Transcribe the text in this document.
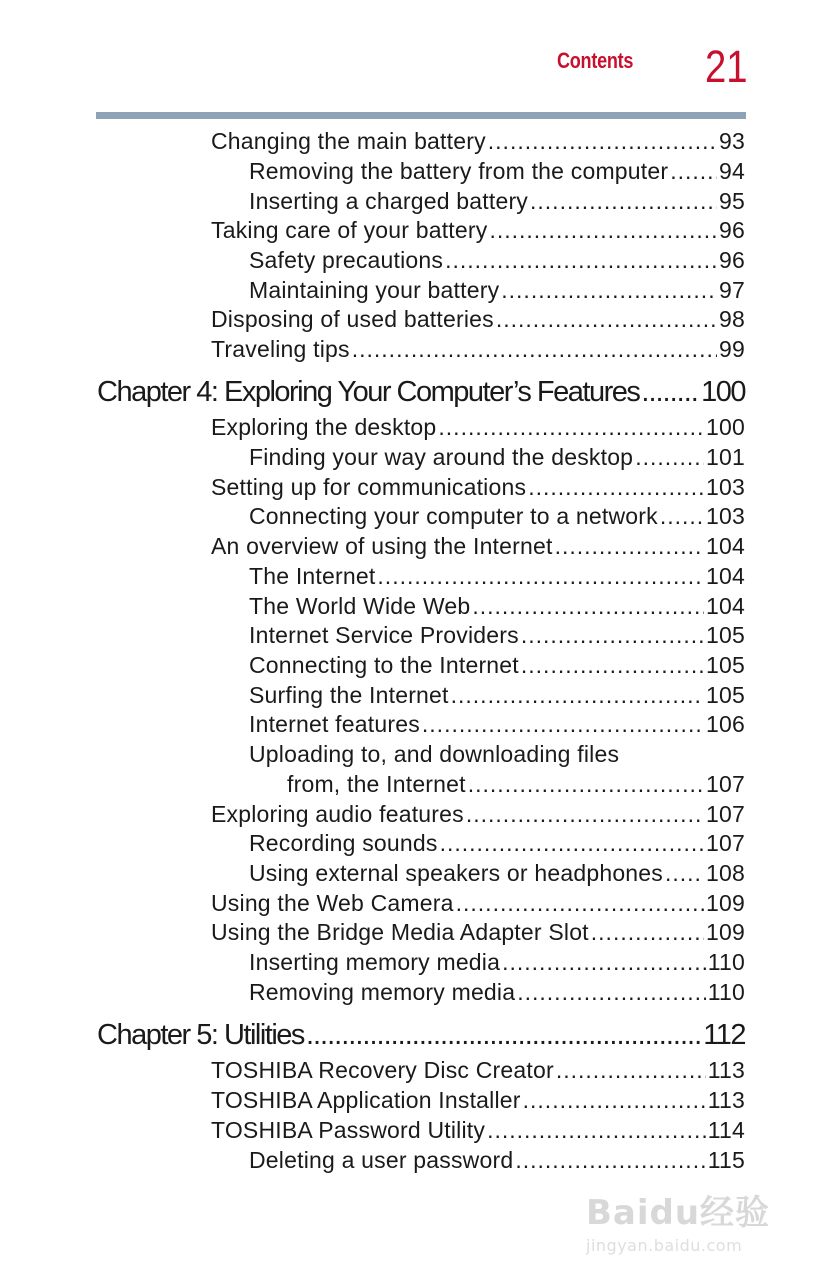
Contents 21
Changing the main battery .....	93
Removing the battery from the computer ..... 94
Inserting a charged battery .....	95
Taking care of your battery .....	96
Safety precautions .....	96
Maintaining your battery .....	97
Disposing of used batteries .....	98
Traveling tips .....	99
Chapter 4: Exploring Your Computer’s Features ..... 100
Exploring the desktop .....	100
Finding your way around the desktop .....	101
Setting up for communications .....	103
Connecting your computer to a network ..... 103
An overview of using the Internet .....	104
The Internet .....	104
The World Wide Web .....	104
Internet Service Providers .....	105
Connecting to the Internet .....	105
Surfing the Internet .....	105
Internet features .....	106
Uploading to, and downloading files
from, the Internet .....	107
Exploring audio features .....	107
Recording sounds .....	107
Using external speakers or headphones ..... 108
Using the Web Camera .....	109
Using the Bridge Media Adapter Slot .....	109
Inserting memory media .....	110
Removing memory media .....	110
Chapter 5: Utilities .....	112
TOSHIBA Recovery Disc Creator .....	113
TOSHIBA Application Installer .....	113
TOSHIBA Password Utility .....	114
Deleting a user password .....	115
Baidu经验
jingyan.baidu.com
